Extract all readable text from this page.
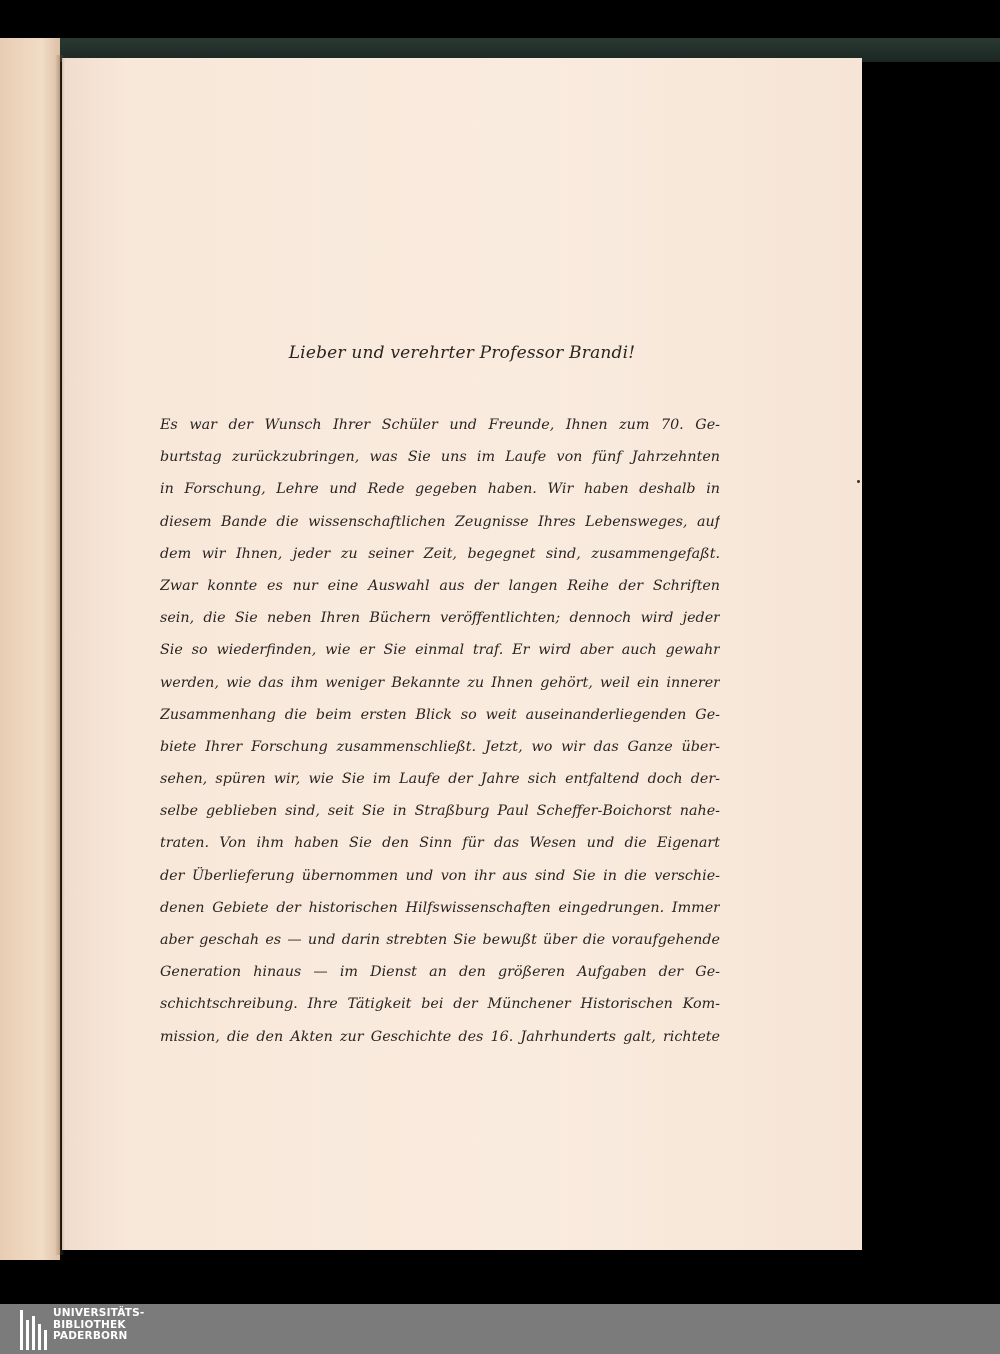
Lieber und verehrter Professor Brandi!
Es war der Wunsch Ihrer Schüler und Freunde, Ihnen zum 70. Ge-
burtstag zurückzubringen, was Sie uns im Laufe von fünf Jahrzehnten
in Forschung, Lehre und Rede gegeben haben. Wir haben deshalb in
diesem Bande die wissenschaftlichen Zeugnisse Ihres Lebensweges, auf
dem wir Ihnen, jeder zu seiner Zeit, begegnet sind, zusammengefaßt.
Zwar konnte es nur eine Auswahl aus der langen Reihe der Schriften
sein, die Sie neben Ihren Büchern veröffentlichten; dennoch wird jeder
Sie so wiederfinden, wie er Sie einmal traf. Er wird aber auch gewahr
werden, wie das ihm weniger Bekannte zu Ihnen gehört, weil ein innerer
Zusammenhang die beim ersten Blick so weit auseinanderliegenden Ge-
biete Ihrer Forschung zusammenschließt. Jetzt, wo wir das Ganze über-
sehen, spüren wir, wie Sie im Laufe der Jahre sich entfaltend doch der-
selbe geblieben sind, seit Sie in Straßburg Paul Scheffer-Boichorst nahe-
traten. Von ihm haben Sie den Sinn für das Wesen und die Eigenart
der Überlieferung übernommen und von ihr aus sind Sie in die verschie-
denen Gebiete der historischen Hilfswissenschaften eingedrungen. Immer
aber geschah es — und darin strebten Sie bewußt über die voraufgehende
Generation hinaus — im Dienst an den größeren Aufgaben der Ge-
schichtschreibung. Ihre Tätigkeit bei der Münchener Historischen Kom-
mission, die den Akten zur Geschichte des 16. Jahrhunderts galt, richtete
UNIVERSITÄTS-
BIBLIOTHEK
PADERBORN
